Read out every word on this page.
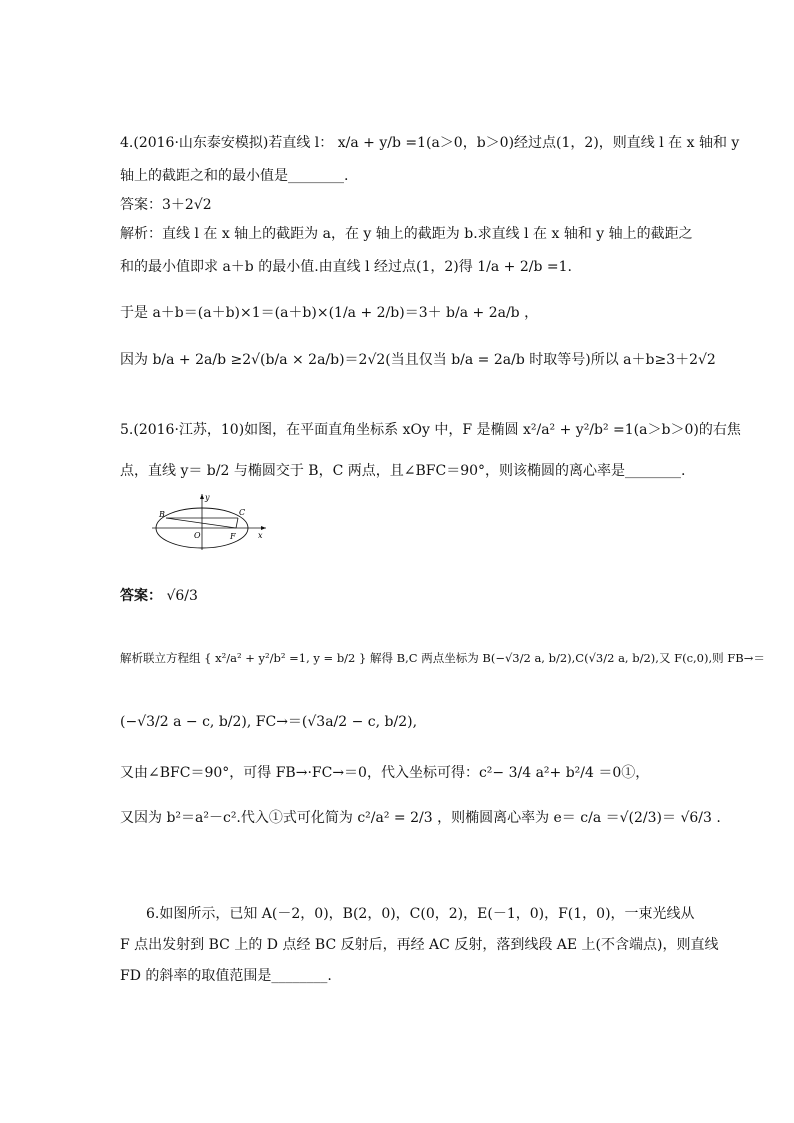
4.(2016·山东泰安模拟)若直线 l： x/a + y/b =1(a＞0，b＞0)经过点(1，2)，则直线 l 在 x 轴和 y
轴上的截距之和的最小值是________.
答案：3＋2√2
解析：直线 l 在 x 轴上的截距为 a，在 y 轴上的截距为 b.求直线 l 在 x 轴和 y 轴上的截距之
和的最小值即求 a＋b 的最小值.由直线 l 经过点(1，2)得 1/a + 2/b =1.
于是 a＋b＝(a＋b)×1＝(a＋b)×(1/a + 2/b)＝3＋ b/a + 2a/b ，
因为 b/a + 2a/b ≥2√(b/a × 2a/b)＝2√2(当且仅当 b/a = 2a/b 时取等号)所以 a＋b≥3＋2√2
5.(2016·江苏，10)如图，在平面直角坐标系 xOy 中，F 是椭圆 x²/a² + y²/b² =1(a＞b＞0)的右焦
点，直线 y＝ b/2 与椭圆交于 B，C 两点，且∠BFC＝90°，则该椭圆的离心率是________.
B	C
O	F	x
y
答案： √6/3
解析联立方程组 { x²/a² + y²/b² =1, y = b/2 } 解得 B,C 两点坐标为 B(−√3/2 a, b/2),C(√3/2 a, b/2),又 F(c,0),则 FB→＝
(−√3/2 a − c, b/2), FC→＝(√3a/2 − c, b/2),
又由∠BFC＝90°，可得 FB→·FC→＝0，代入坐标可得：c²− 3/4 a²+ b²/4 ＝0①，
又因为 b²＝a²－c².代入①式可化简为 c²/a² = 2/3 ，则椭圆离心率为 e＝ c/a ＝√(2/3)＝ √6/3 .
6.如图所示，已知 A(－2，0)，B(2，0)，C(0，2)，E(－1，0)，F(1，0)，一束光线从
F 点出发射到 BC 上的 D 点经 BC 反射后，再经 AC 反射，落到线段 AE 上(不含端点)，则直线
FD 的斜率的取值范围是________.
